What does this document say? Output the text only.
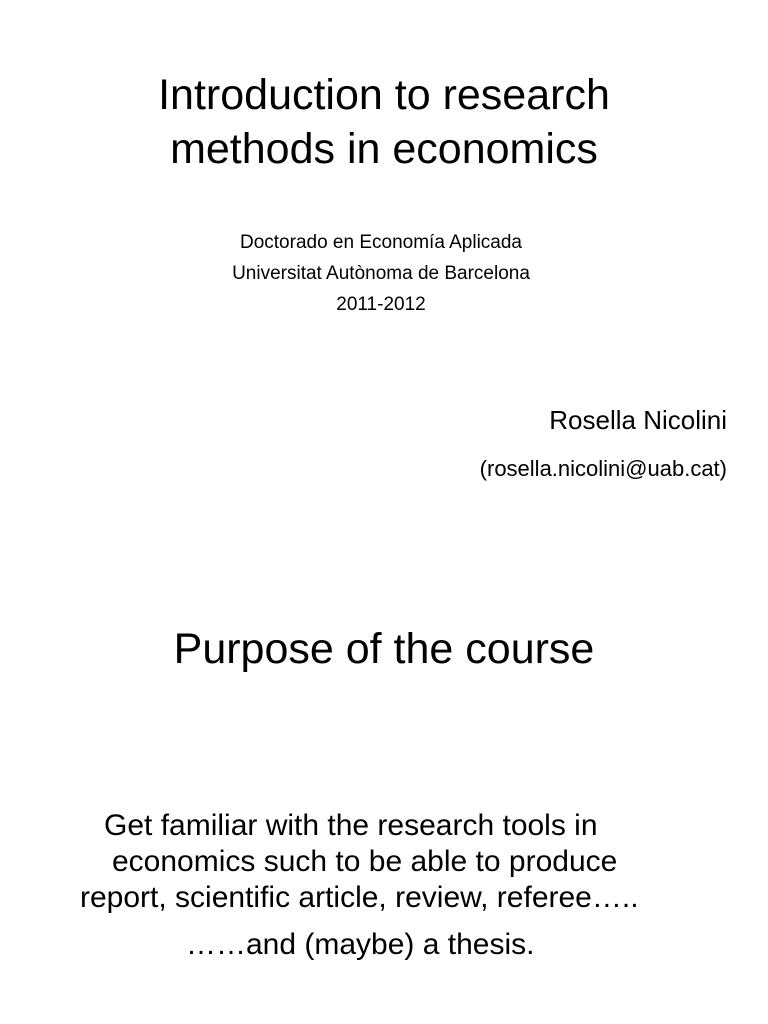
Introduction to research
methods in economics
Doctorado en Economía Aplicada
Universitat Autònoma de Barcelona
2011-2012
Rosella Nicolini
(rosella.nicolini@uab.cat)
Purpose of the course
Get familiar with the research tools in
economics such to be able to produce
report, scientific article, review, referee…..
……and (maybe) a thesis.
